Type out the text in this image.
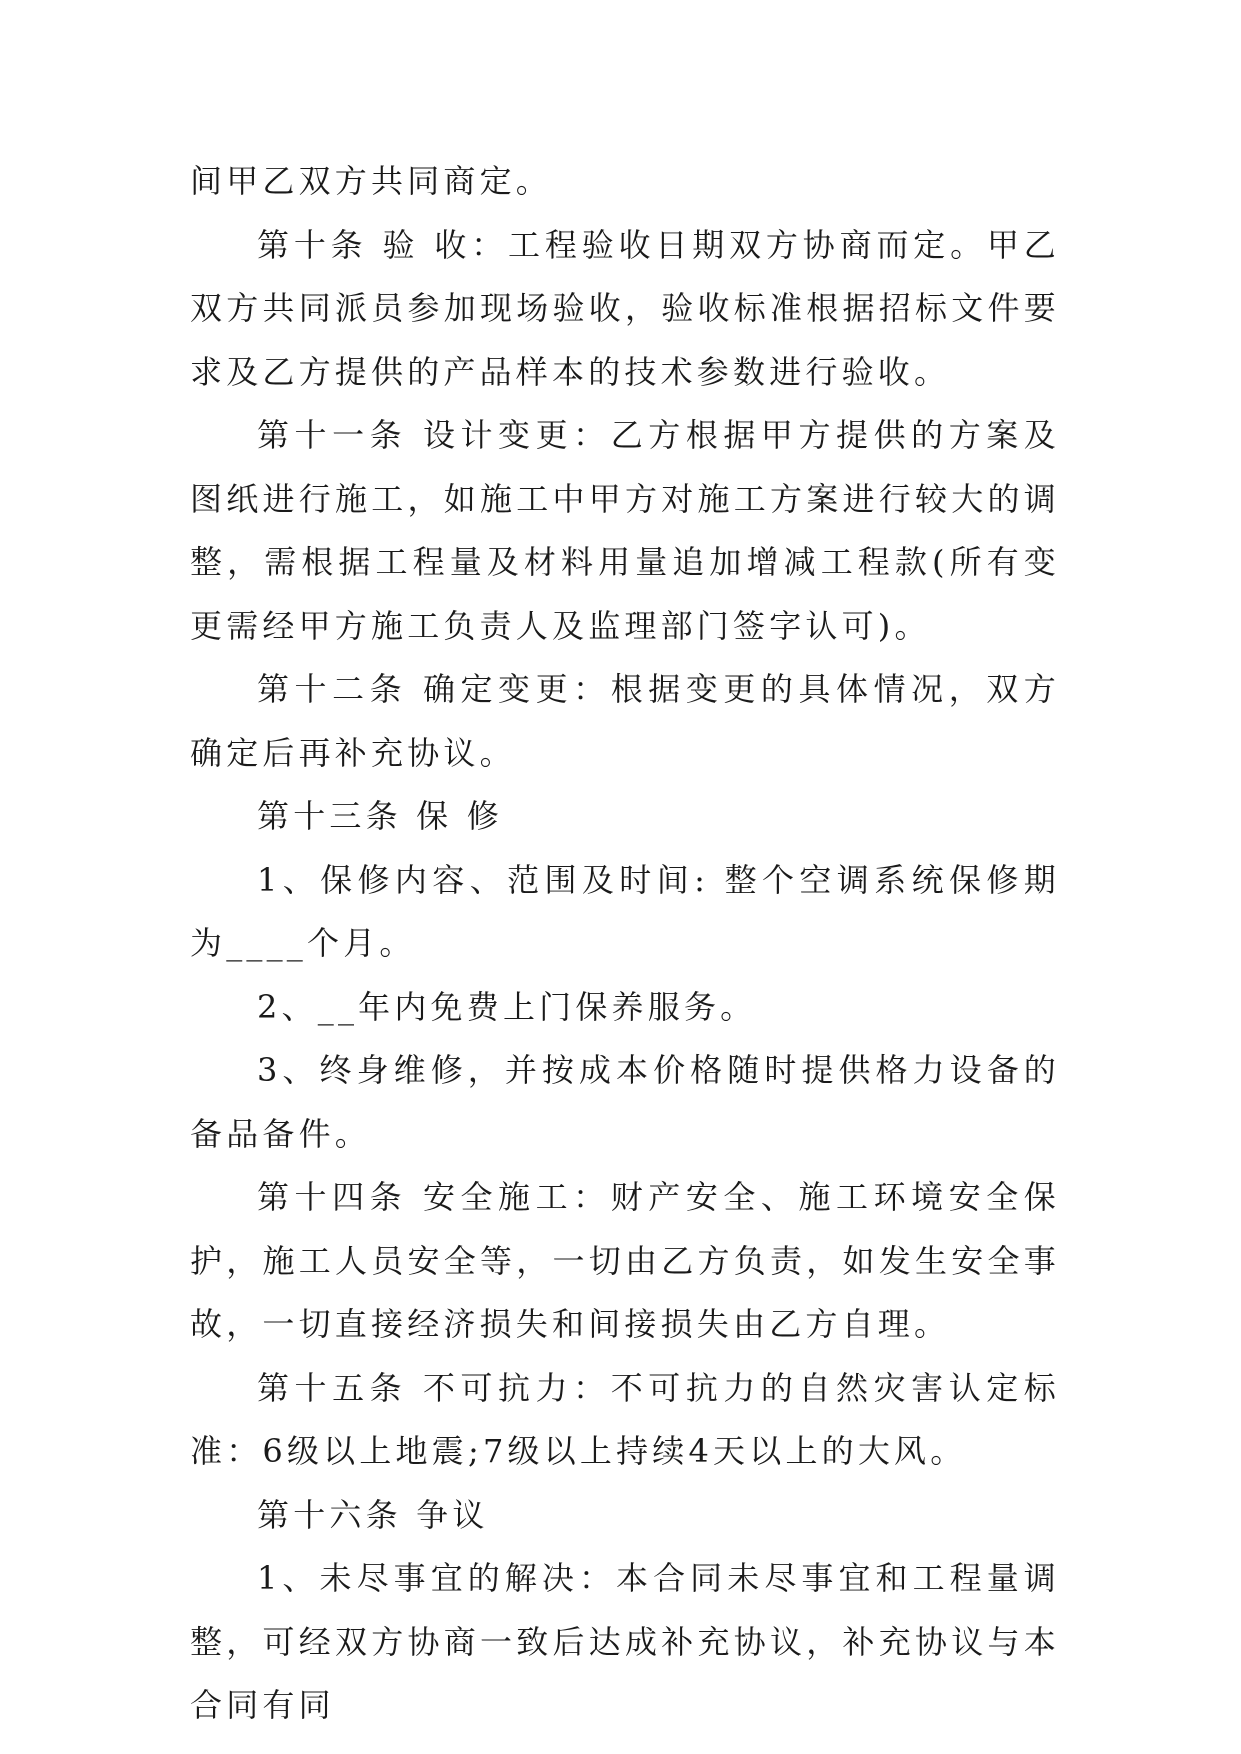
间甲乙双方共同商定。

第十条 验 收：工程验收日期双方协商而定。甲乙双方共同派员参加现场验收，验收标准根据招标文件要求及乙方提供的产品样本的技术参数进行验收。

第十一条 设计变更：乙方根据甲方提供的方案及图纸进行施工，如施工中甲方对施工方案进行较大的调整，需根据工程量及材料用量追加增减工程款(所有变更需经甲方施工负责人及监理部门签字认可)。

第十二条 确定变更：根据变更的具体情况，双方确定后再补充协议。

第十三条 保 修

1、保修内容、范围及时间: 整个空调系统保修期为____个月。

2、__年内免费上门保养服务。

3、终身维修，并按成本价格随时提供格力设备的备品备件。

第十四条 安全施工：财产安全、施工环境安全保护，施工人员安全等，一切由乙方负责，如发生安全事故，一切直接经济损失和间接损失由乙方自理。

第十五条 不可抗力：不可抗力的自然灾害认定标准：6级以上地震;7级以上持续4天以上的大风。

第十六条 争议

1、未尽事宜的解决：本合同未尽事宜和工程量调整，可经双方协商一致后达成补充协议，补充协议与本合同有同
